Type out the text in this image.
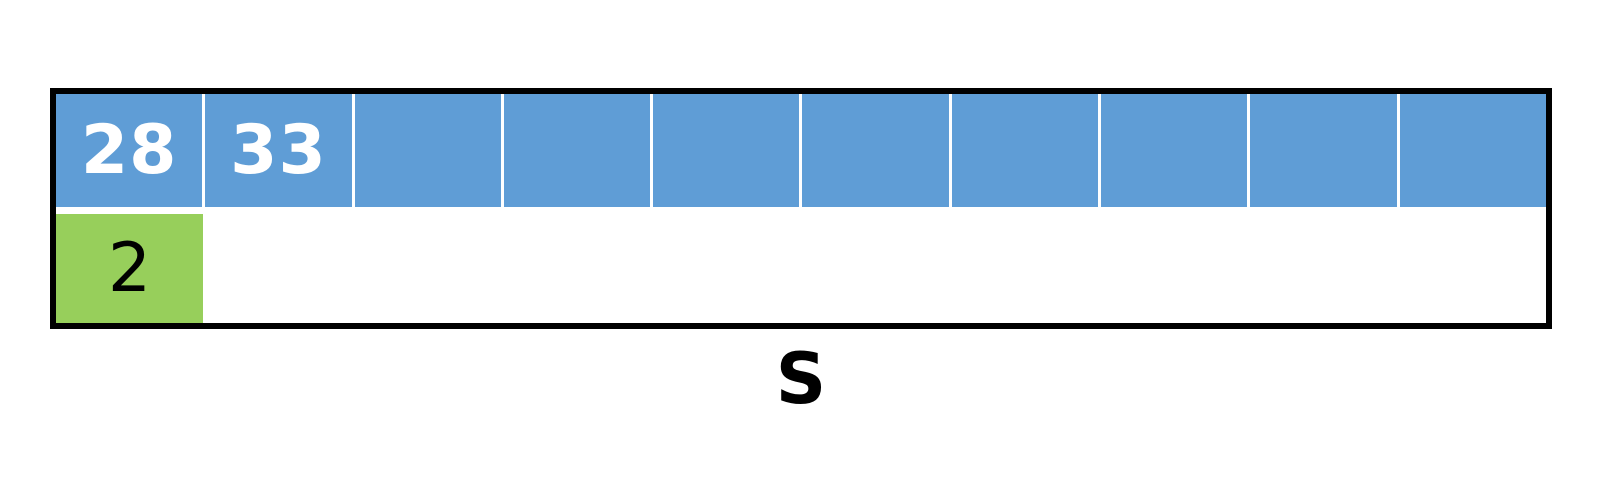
28 33
2
S
